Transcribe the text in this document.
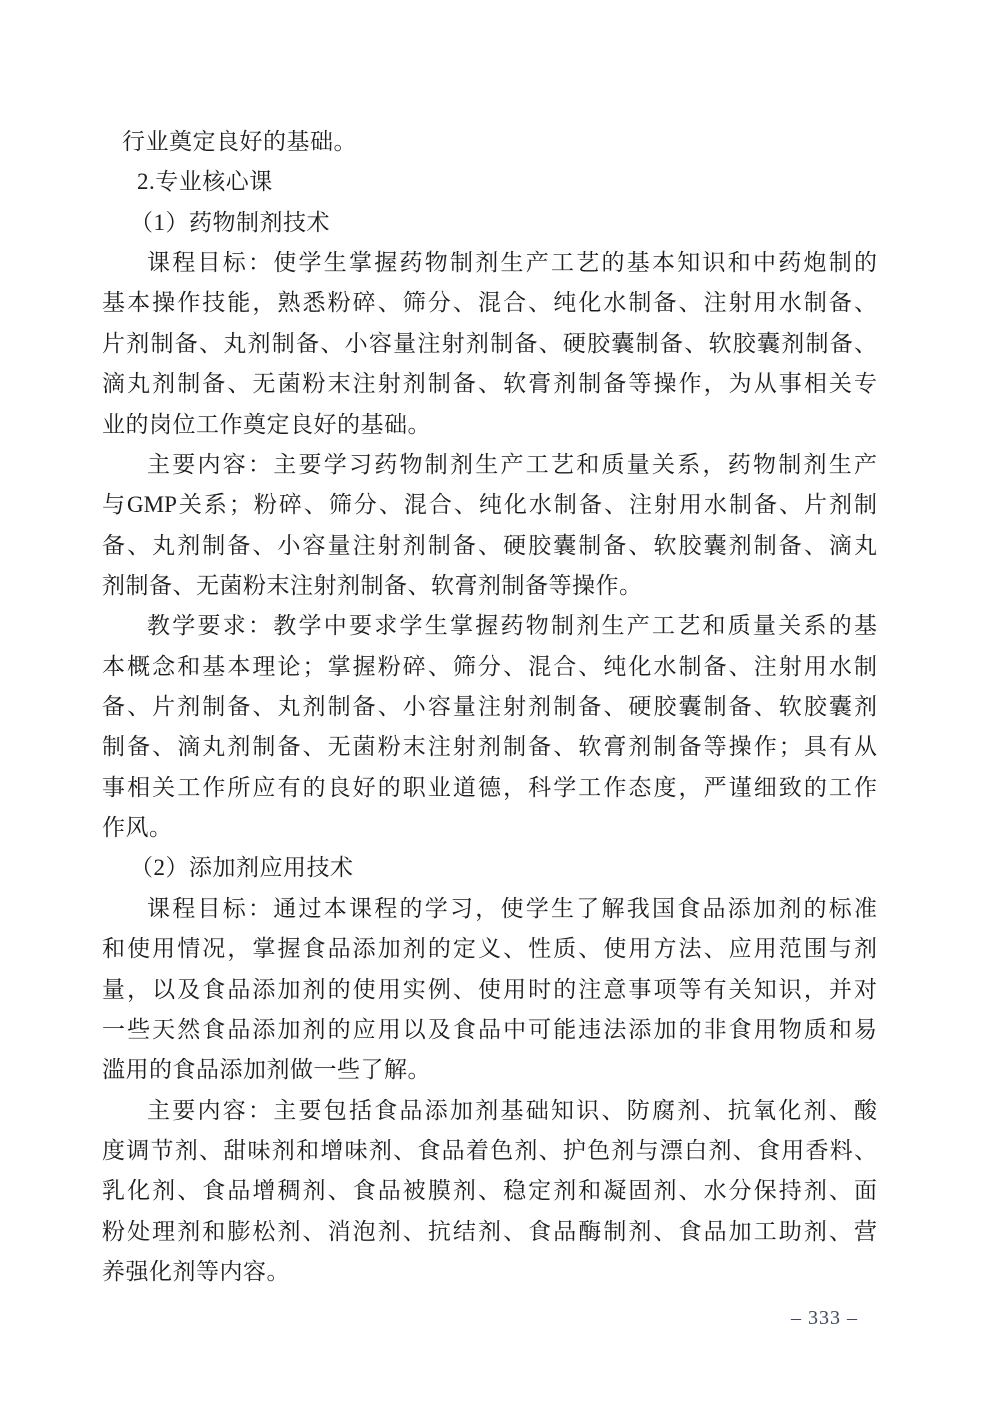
行业奠定良好的基础。
2.专业核心课
（1）药物制剂技术
课程目标：使学生掌握药物制剂生产工艺的基本知识和中药炮制的
基本操作技能，熟悉粉碎、筛分、混合、纯化水制备、注射用水制备、
片剂制备、丸剂制备、小容量注射剂制备、硬胶囊制备、软胶囊剂制备、
滴丸剂制备、无菌粉末注射剂制备、软膏剂制备等操作，为从事相关专
业的岗位工作奠定良好的基础。
主要内容：主要学习药物制剂生产工艺和质量关系，药物制剂生产
与GMP关系；粉碎、筛分、混合、纯化水制备、注射用水制备、片剂制
备、丸剂制备、小容量注射剂制备、硬胶囊制备、软胶囊剂制备、滴丸
剂制备、无菌粉末注射剂制备、软膏剂制备等操作。
教学要求：教学中要求学生掌握药物制剂生产工艺和质量关系的基
本概念和基本理论；掌握粉碎、筛分、混合、纯化水制备、注射用水制
备、片剂制备、丸剂制备、小容量注射剂制备、硬胶囊制备、软胶囊剂
制备、滴丸剂制备、无菌粉末注射剂制备、软膏剂制备等操作；具有从
事相关工作所应有的良好的职业道德，科学工作态度，严谨细致的工作
作风。
（2）添加剂应用技术
课程目标：通过本课程的学习，使学生了解我国食品添加剂的标准
和使用情况，掌握食品添加剂的定义、性质、使用方法、应用范围与剂
量，以及食品添加剂的使用实例、使用时的注意事项等有关知识，并对
一些天然食品添加剂的应用以及食品中可能违法添加的非食用物质和易
滥用的食品添加剂做一些了解。
主要内容：主要包括食品添加剂基础知识、防腐剂、抗氧化剂、酸
度调节剂、甜味剂和增味剂、食品着色剂、护色剂与漂白剂、食用香料、
乳化剂、食品增稠剂、食品被膜剂、稳定剂和凝固剂、水分保持剂、面
粉处理剂和膨松剂、消泡剂、抗结剂、食品酶制剂、食品加工助剂、营
养强化剂等内容。
– 333 –
